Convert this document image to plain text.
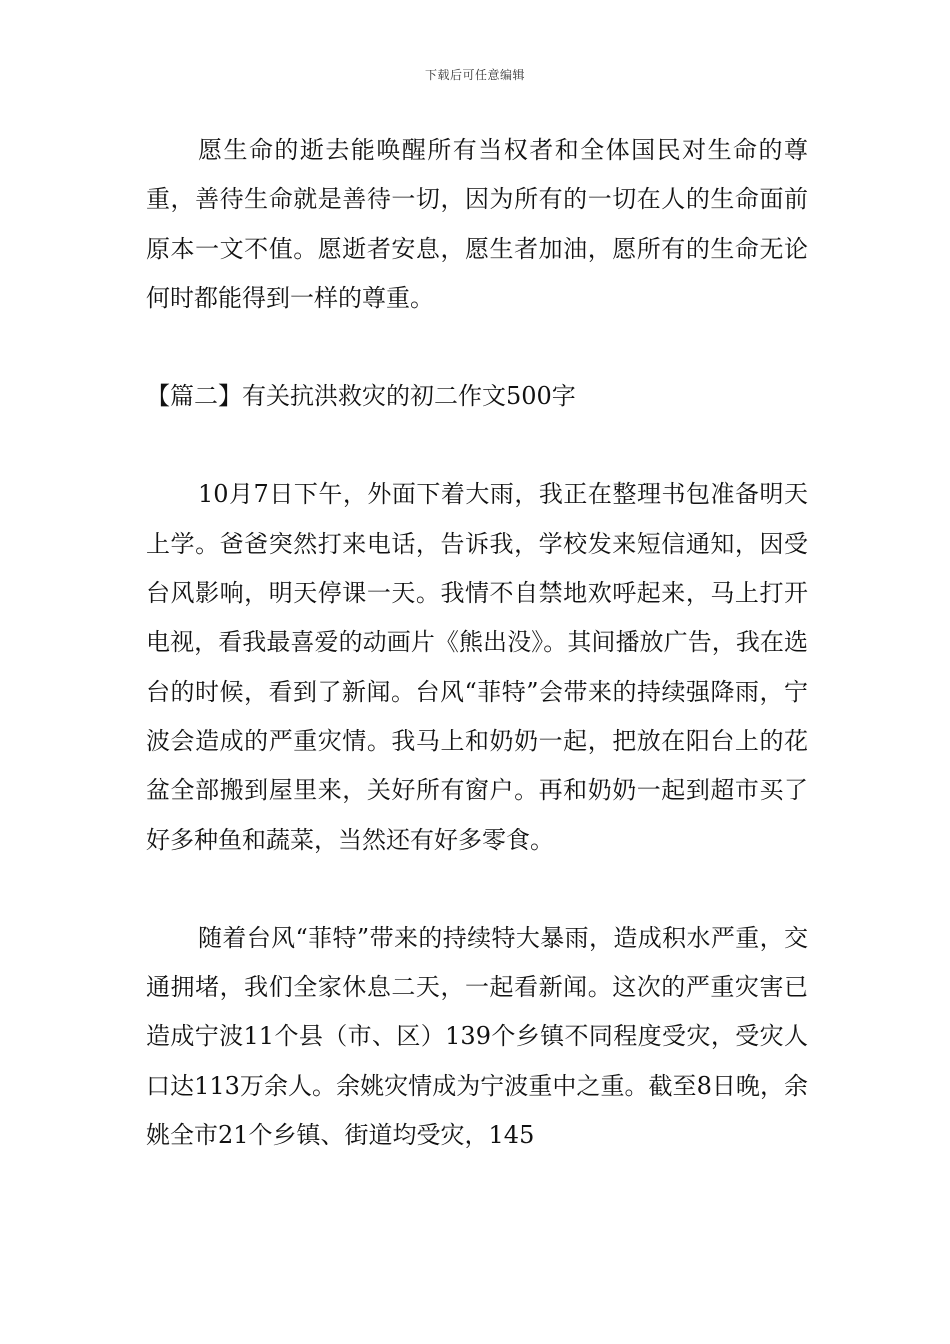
下载后可任意编辑

愿生命的逝去能唤醒所有当权者和全体国民对生命的尊重，善待生命就是善待一切，因为所有的一切在人的生命面前原本一文不值。愿逝者安息，愿生者加油，愿所有的生命无论何时都能得到一样的尊重。

【篇二】有关抗洪救灾的初二作文500字

10月7日下午，外面下着大雨，我正在整理书包准备明天上学。爸爸突然打来电话，告诉我，学校发来短信通知，因受台风影响，明天停课一天。我情不自禁地欢呼起来，马上打开电视，看我最喜爱的动画片《熊出没》。其间播放广告，我在选台的时候，看到了新闻。台风“菲特”会带来的持续强降雨，宁波会造成的严重灾情。我马上和奶奶一起，把放在阳台上的花盆全部搬到屋里来，关好所有窗户。再和奶奶一起到超市买了好多种鱼和蔬菜，当然还有好多零食。

随着台风“菲特”带来的持续特大暴雨，造成积水严重，交通拥堵，我们全家休息二天，一起看新闻。这次的严重灾害已造成宁波11个县（市、区）139个乡镇不同程度受灾，受灾人口达113万余人。余姚灾情成为宁波重中之重。截至8日晚，余姚全市21个乡镇、街道均受灾，145
